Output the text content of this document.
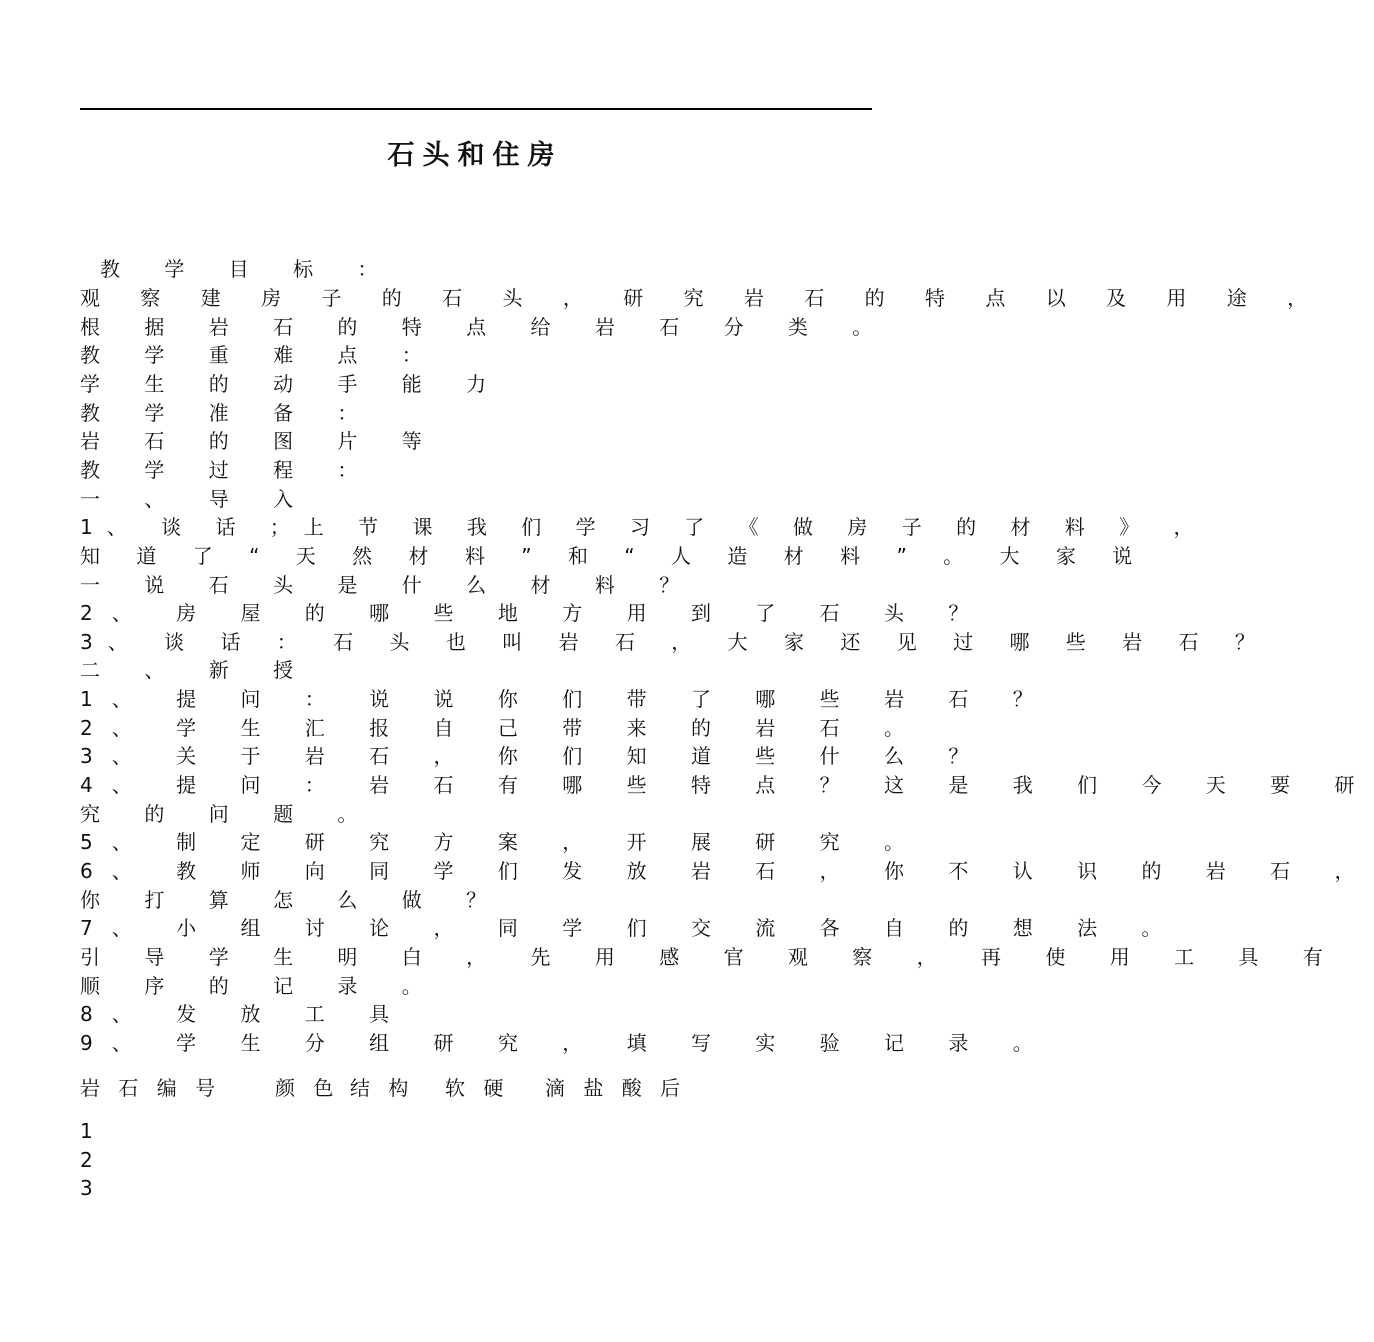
石头和住房
教 学 目 标 ：
观 察 建 房 子 的 石 头 ， 研 究 岩 石 的 特 点 以 及 用 途 ，
根 据 岩 石 的 特 点 给 岩 石 分 类 。
教 学 重 难 点 ：
学 生 的 动 手 能 力
教 学 准 备 ：
岩 石 的 图 片 等
教 学 过 程 ：
一 、 导 入
1、 谈 话 ；上 节 课 我 们 学 习 了 《 做 房 子 的 材 料 》 ，
知 道 了 “ 天 然 材 料 ” 和 “ 人 造 材 料 ” 。 大 家 说
一 说 石 头 是 什 么 材 料 ？
2、 房 屋 的 哪 些 地 方 用 到 了 石 头 ？
3、 谈 话 ： 石 头 也 叫 岩 石 ， 大 家 还 见 过 哪 些 岩 石 ？
二 、 新 授
1、 提 问 ： 说 说 你 们 带 了 哪 些 岩 石 ？
2、 学 生 汇 报 自 己 带 来 的 岩 石 。
3、 关 于 岩 石 ， 你 们 知 道 些 什 么 ？
4、 提 问 ： 岩 石 有 哪 些 特 点 ？ 这 是 我 们 今 天 要 研
究 的 问 题 。
5、 制 定 研 究 方 案 ， 开 展 研 究 。
6、 教 师 向 同 学 们 发 放 岩 石 ， 你 不 认 识 的 岩 石 ，
你 打 算 怎 么 做 ？
7、 小 组 讨 论 ， 同 学 们 交 流 各 自 的 想 法 。
引 导 学 生 明 白 ， 先 用 感 官 观 察 ， 再 使 用 工 具 有
顺 序 的 记 录 。
8、 发 放 工 具
9、 学 生 分 组 研 究 ， 填 写 实 验 记 录 。
岩 石 编 号	颜 色 结 构 软 硬 滴 盐 酸 后
1
2
3
